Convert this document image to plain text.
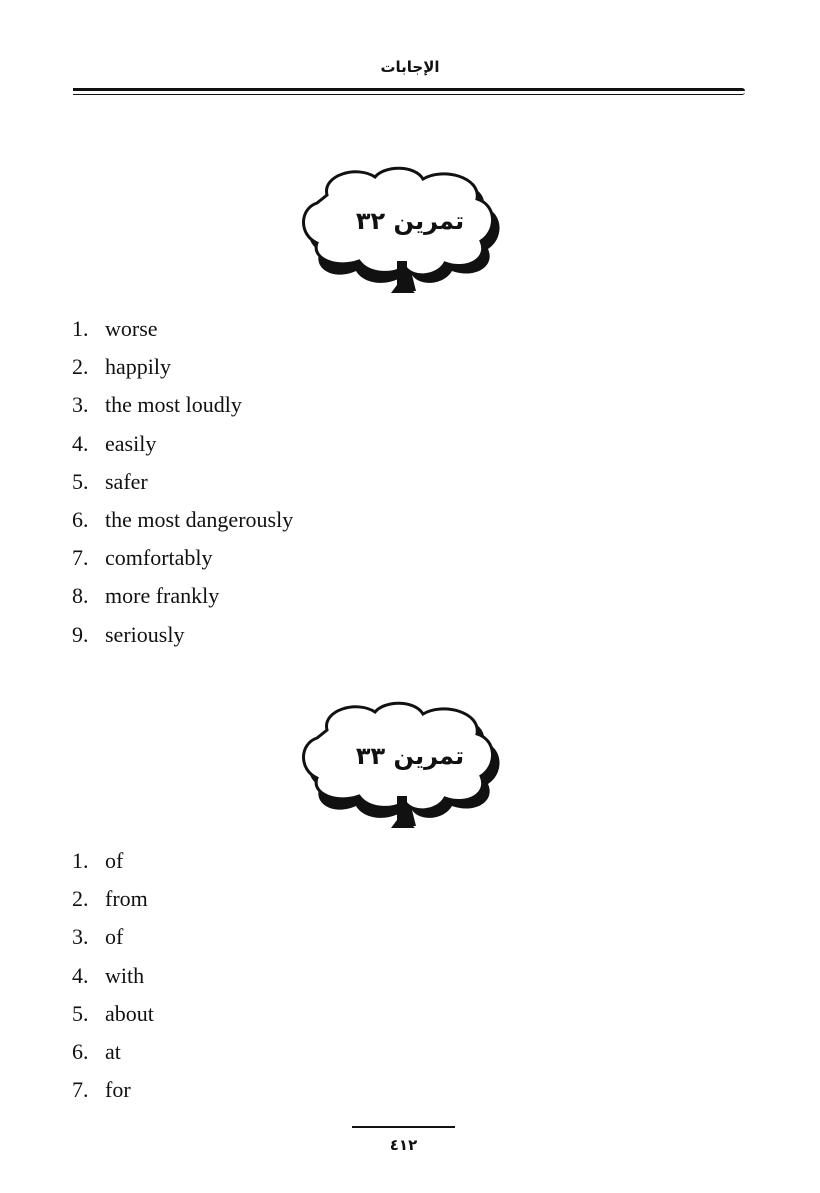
الإجابات
تمرين ٣٢
1. worse
2. happily
3. the most loudly
4. easily
5. safer
6. the most dangerously
7. comfortably
8. more frankly
9. seriously
تمرين ٣٣
1. of
2. from
3. of
4. with
5. about
6. at
7. for
٤١٢
